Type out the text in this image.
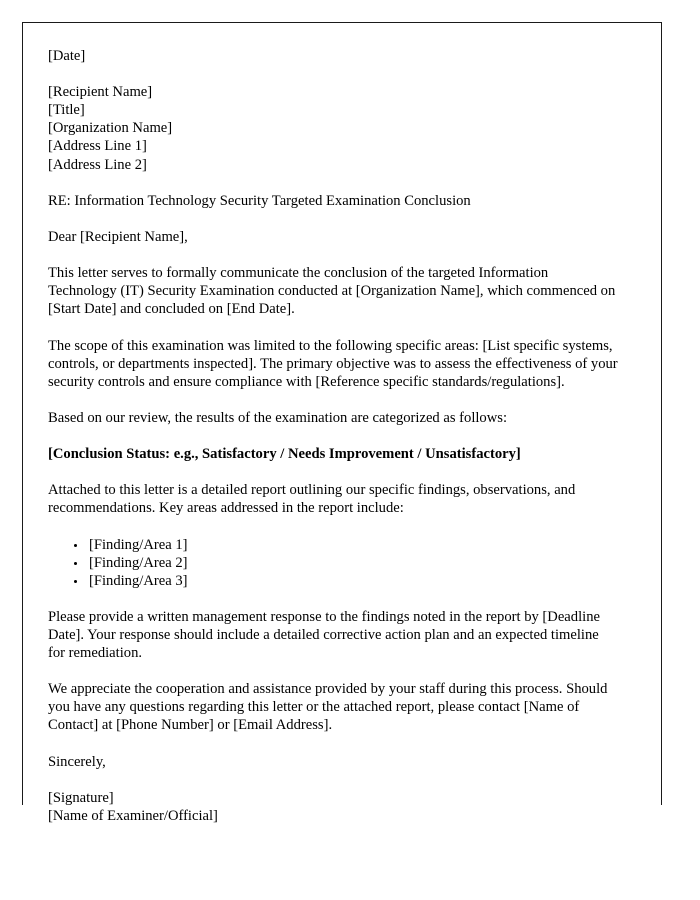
[Date]
[Recipient Name]
[Title]
[Organization Name]
[Address Line 1]
[Address Line 2]

RE: Information Technology Security Targeted Examination Conclusion

Dear [Recipient Name],

This letter serves to formally communicate the conclusion of the targeted Information Technology (IT) Security Examination conducted at [Organization Name], which commenced on [Start Date] and concluded on [End Date].

The scope of this examination was limited to the following specific areas: [List specific systems, controls, or departments inspected]. The primary objective was to assess the effectiveness of your security controls and ensure compliance with [Reference specific standards/regulations].

Based on our review, the results of the examination are categorized as follows:

[Conclusion Status: e.g., Satisfactory / Needs Improvement / Unsatisfactory]

Attached to this letter is a detailed report outlining our specific findings, observations, and recommendations. Key areas addressed in the report include:

[Finding/Area 1]
[Finding/Area 2]
[Finding/Area 3]

Please provide a written management response to the findings noted in the report by [Deadline Date]. Your response should include a detailed corrective action plan and an expected timeline for remediation.

We appreciate the cooperation and assistance provided by your staff during this process. Should you have any questions regarding this letter or the attached report, please contact [Name of Contact] at [Phone Number] or [Email Address].

Sincerely,

[Signature]
[Name of Examiner/Official]
